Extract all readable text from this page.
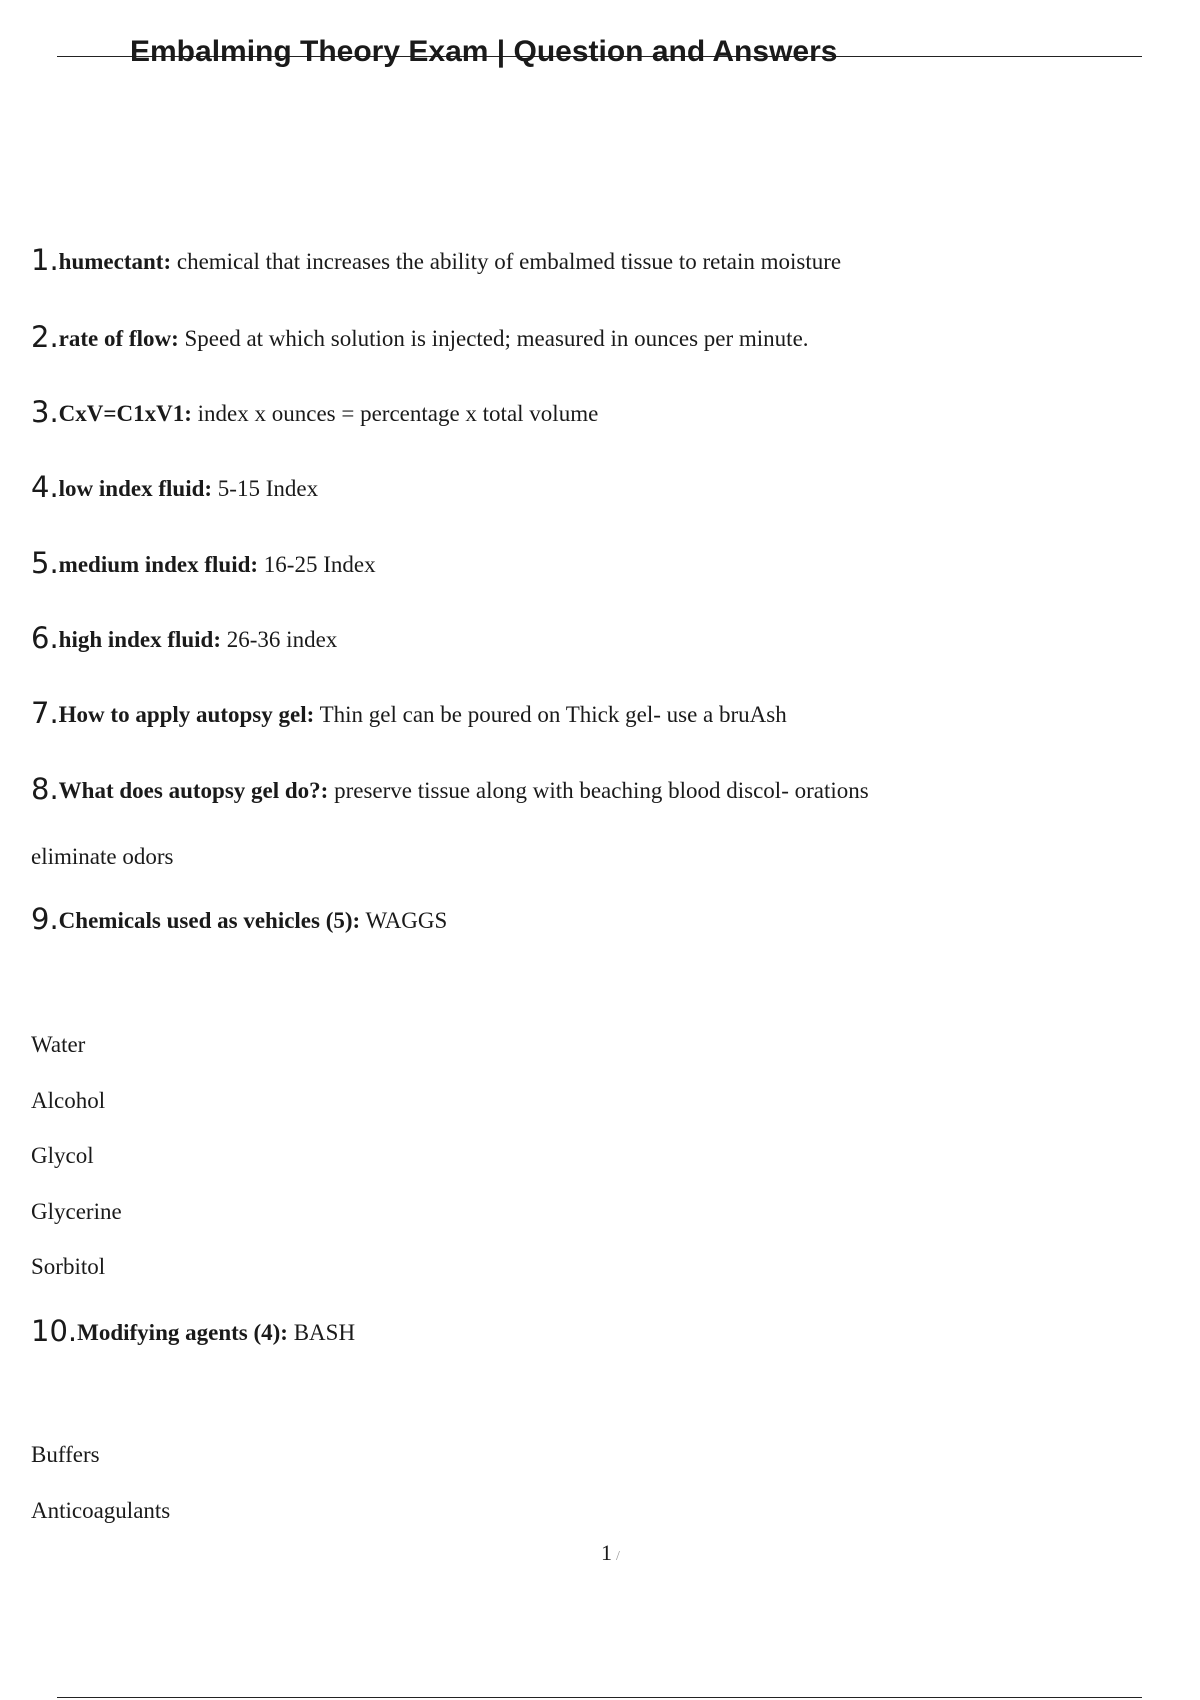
Embalming Theory Exam | Question and Answers
1.humectant: chemical that increases the ability of embalmed tissue to retain moisture
2.rate of flow: Speed at which solution is injected; measured in ounces per minute.
3.CxV=C1xV1: index x ounces = percentage x total volume
4.low index fluid: 5-15 Index
5.medium index fluid: 16-25 Index
6.high index fluid: 26-36 index
7.How to apply autopsy gel: Thin gel can be poured on Thick gel- use a bruAsh
8.What does autopsy gel do?: preserve tissue along with beaching blood discol- orations
eliminate odors
9.Chemicals used as vehicles (5): WAGGS
Water
Alcohol
Glycol
Glycerine
Sorbitol
10.Modifying agents (4): BASH
Buffers
Anticoagulants
1 /
